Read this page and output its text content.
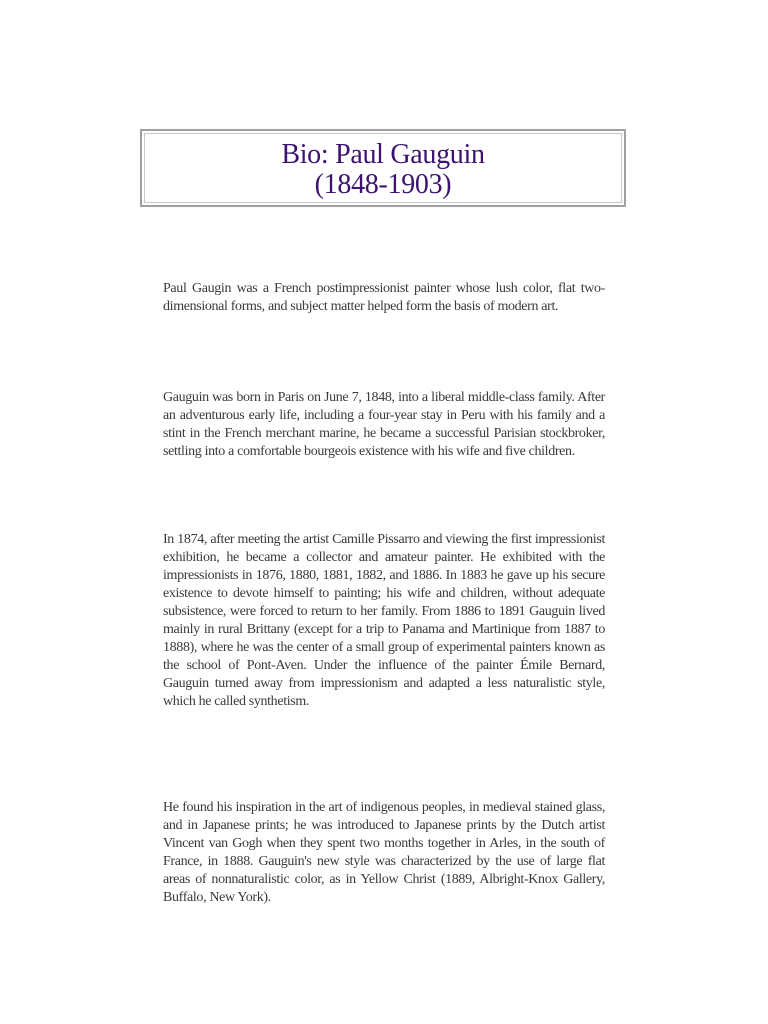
Bio: Paul Gauguin
(1848-1903)

Paul Gaugin was a French postimpressionist painter whose lush color, flat two-dimensional forms, and subject matter helped form the basis of modern art.

Gauguin was born in Paris on June 7, 1848, into a liberal middle-class family. After an adventurous early life, including a four-year stay in Peru with his family and a stint in the French merchant marine, he became a successful Parisian stockbroker, settling into a comfortable bourgeois existence with his wife and five children.

In 1874, after meeting the artist Camille Pissarro and viewing the first impressionist exhibition, he became a collector and amateur painter. He exhibited with the impressionists in 1876, 1880, 1881, 1882, and 1886. In 1883 he gave up his secure existence to devote himself to painting; his wife and children, without adequate subsistence, were forced to return to her family. From 1886 to 1891 Gauguin lived mainly in rural Brittany (except for a trip to Panama and Martinique from 1887 to 1888), where he was the center of a small group of experimental painters known as the school of Pont-Aven. Under the influence of the painter Émile Bernard, Gauguin turned away from impressionism and adapted a less naturalistic style, which he called synthetism.

He found his inspiration in the art of indigenous peoples, in medieval stained glass, and in Japanese prints; he was introduced to Japanese prints by the Dutch artist Vincent van Gogh when they spent two months together in Arles, in the south of France, in 1888. Gauguin's new style was characterized by the use of large flat areas of nonnaturalistic color, as in Yellow Christ (1889, Albright-Knox Gallery, Buffalo, New York).
